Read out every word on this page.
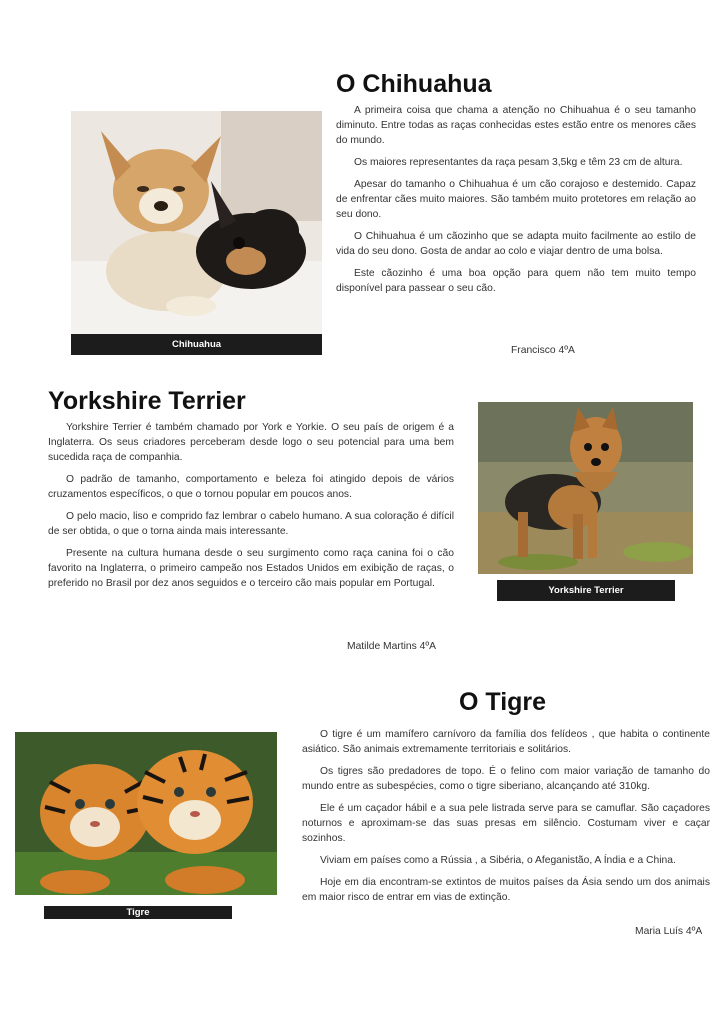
Chihuahua
O Chihuahua

A primeira coisa que chama a atenção no Chihuahua é o seu tamanho diminuto. Entre todas as raças conhecidas estes estão entre os menores cães do mundo.

Os maiores representantes da raça pesam 3,5kg e têm 23 cm de altura.

Apesar do tamanho o Chihuahua é um cão corajoso e destemido. Capaz de enfrentar cães muito maiores. São também muito protetores em relação ao seu dono.

O Chihuahua é um cãozinho que se adapta muito facilmente ao estilo de vida do seu dono. Gosta de andar ao colo e viajar dentro de uma bolsa.

Este cãozinho é uma boa opção para quem não tem muito tempo disponível para passear o seu cão.

Francisco 4ºA
Yorkshire Terrier

Yorkshire Terrier é também chamado por York e Yorkie. O seu país de origem é a Inglaterra. Os seus criadores perceberam desde logo o seu potencial para uma bem sucedida raça de companhia.

O padrão de tamanho, comportamento e beleza foi atingido depois de vários cruzamentos específicos, o que o tornou popular em poucos anos.

O pelo macio, liso e comprido faz lembrar o cabelo humano. A sua coloração é difícil de ser obtida, o que o torna ainda mais interessante.

Presente na cultura humana desde o seu surgimento como raça canina foi o cão favorito na Inglaterra, o primeiro campeão nos Estados Unidos em exibição de raças, o preferido no Brasil por dez anos seguidos e o terceiro cão mais popular em Portugal.

Matilde Martins 4ºA
Yorkshire Terrier
O Tigre

O tigre é um mamífero carnívoro da família dos felídeos , que habita o continente asiático. São animais extremamente territoriais e solitários.

Os tigres são predadores de topo. É o felino com maior variação de tamanho do mundo entre as subespécies, como o tigre siberiano, alcançando até 310kg.

Ele é um caçador hábil e a sua pele listrada serve para se camuflar. São caçadores noturnos e aproximam-se das suas presas em silêncio. Costumam viver e caçar sozinhos.

Viviam em países como a Rússia , a Sibéria, o Afeganistão, A Índia e a China.

Hoje em dia encontram-se extintos de muitos países da Ásia sendo um dos animais em maior risco de entrar em vias de extinção.

Maria Luís 4ºA
Tigre
